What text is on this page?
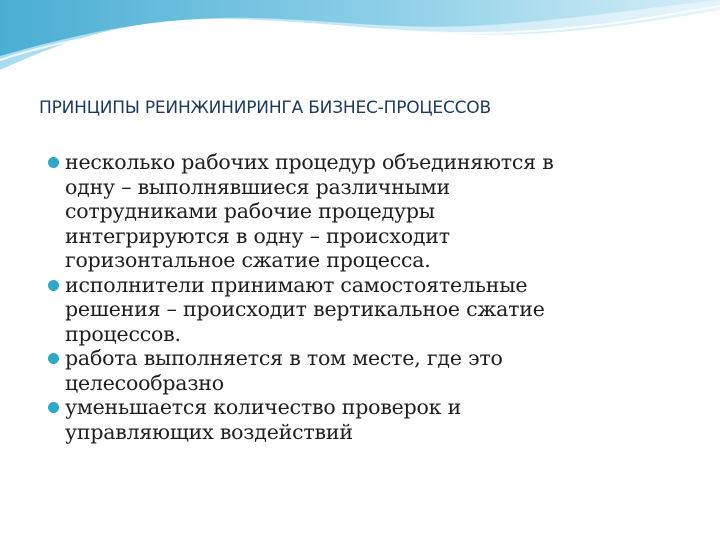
ПРИНЦИПЫ РЕИНЖИНИРИНГА БИЗНЕС-ПРОЦЕССОВ
несколько рабочих процедур объединяются в
одну – выполнявшиеся различными
сотрудниками рабочие процедуры
интегрируются в одну – происходит
горизонтальное сжатие процесса.
исполнители принимают самостоятельные
решения – происходит вертикальное сжатие
процессов.
работа выполняется в том месте, где это
целесообразно
уменьшается количество проверок и
управляющих воздействий
